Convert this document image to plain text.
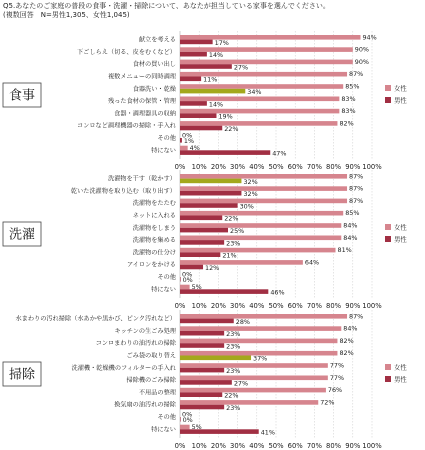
Q5.あなたのご家庭の普段の食事・洗濯・掃除について、あなたが担当している家事を選んでください。
(複数回答　N=男性1,305、女性1,045)
食事
献立を考える	94%
17%
下ごしらえ（切る、皮をむくなど）	90%
14%
食材の買い出し	90%
27%
複数メニューの同時調理	87%
11%
食器洗い・乾燥	85%
34%
残った食材の保管・管理	83%
14%
食器・調理器具の収納	83%
19%
コンロなど調理機器の掃除・手入れ	82%
22%
その他 0%
1%
特にない 4%
47%
0% 10% 20% 30% 40% 50% 60% 70% 80% 90% 100%
女性
男性
洗濯
洗濯物を干す（乾かす）	87%
32%
乾いた洗濯物を取り込む（取り出す）	87%
32%
洗濯物をたたむ	87%
30%
ネットに入れる	85%
22%
洗濯物をしまう	84%
25%
洗濯物を集める	84%
23%
洗濯物の仕分け	81%
21%
アイロンをかける	64%
12%
その他 0%
0%
特にない 5%
46%
0% 10% 20% 30% 40% 50% 60% 70% 80% 90% 100%
女性
男性
掃除
水まわりの汚れ掃除（水あかや黒かび、ピンク汚れなど）	87%
28%
キッチンの生ごみ処理	84%
23%
コンロまわりの油汚れの掃除	82%
23%
ごみ袋の取り替え	82%
37%
洗濯機・乾燥機のフィルターの手入れ	77%
23%
掃除機のごみ掃除	77%
27%
不用品の整理	76%
22%
換気扇の油汚れの掃除	72%
23%
その他 0%
0%
特にない 5%
41%
0% 10% 20% 30% 40% 50% 60% 70% 80% 90% 100%
女性
男性
